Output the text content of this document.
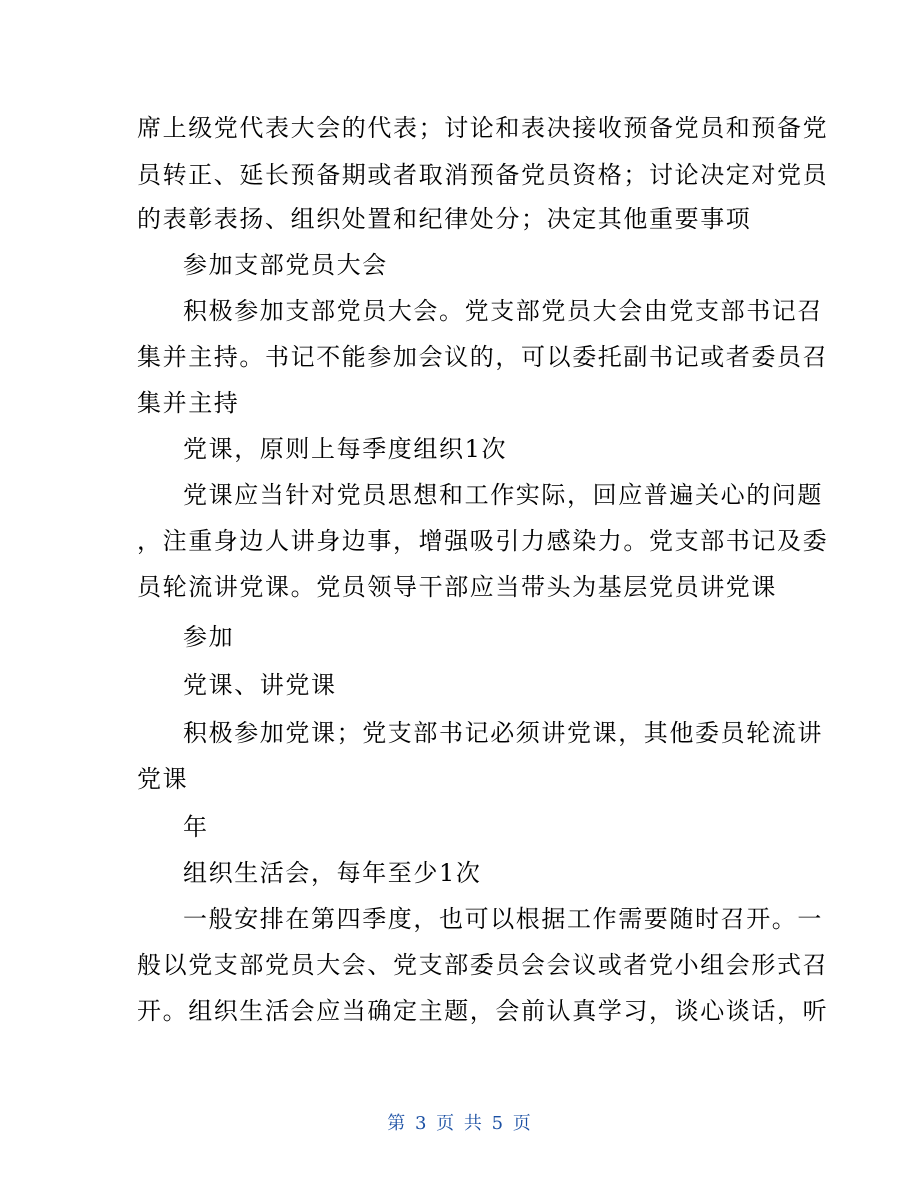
席上级党代表大会的代表；讨论和表决接收预备党员和预备党
员转正、延长预备期或者取消预备党员资格；讨论决定对党员
的表彰表扬、组织处置和纪律处分；决定其他重要事项
参加支部党员大会
积极参加支部党员大会。党支部党员大会由党支部书记召
集并主持。书记不能参加会议的，可以委托副书记或者委员召
集并主持
党课，原则上每季度组织1次
党课应当针对党员思想和工作实际，回应普遍关心的问题
，注重身边人讲身边事，增强吸引力感染力。党支部书记及委
员轮流讲党课。党员领导干部应当带头为基层党员讲党课
参加
党课、讲党课
积极参加党课；党支部书记必须讲党课，其他委员轮流讲
党课
年
组织生活会，每年至少1次
一般安排在第四季度，也可以根据工作需要随时召开。一
般以党支部党员大会、党支部委员会会议或者党小组会形式召
开。组织生活会应当确定主题，会前认真学习，谈心谈话，听
第 3 页 共 5 页
